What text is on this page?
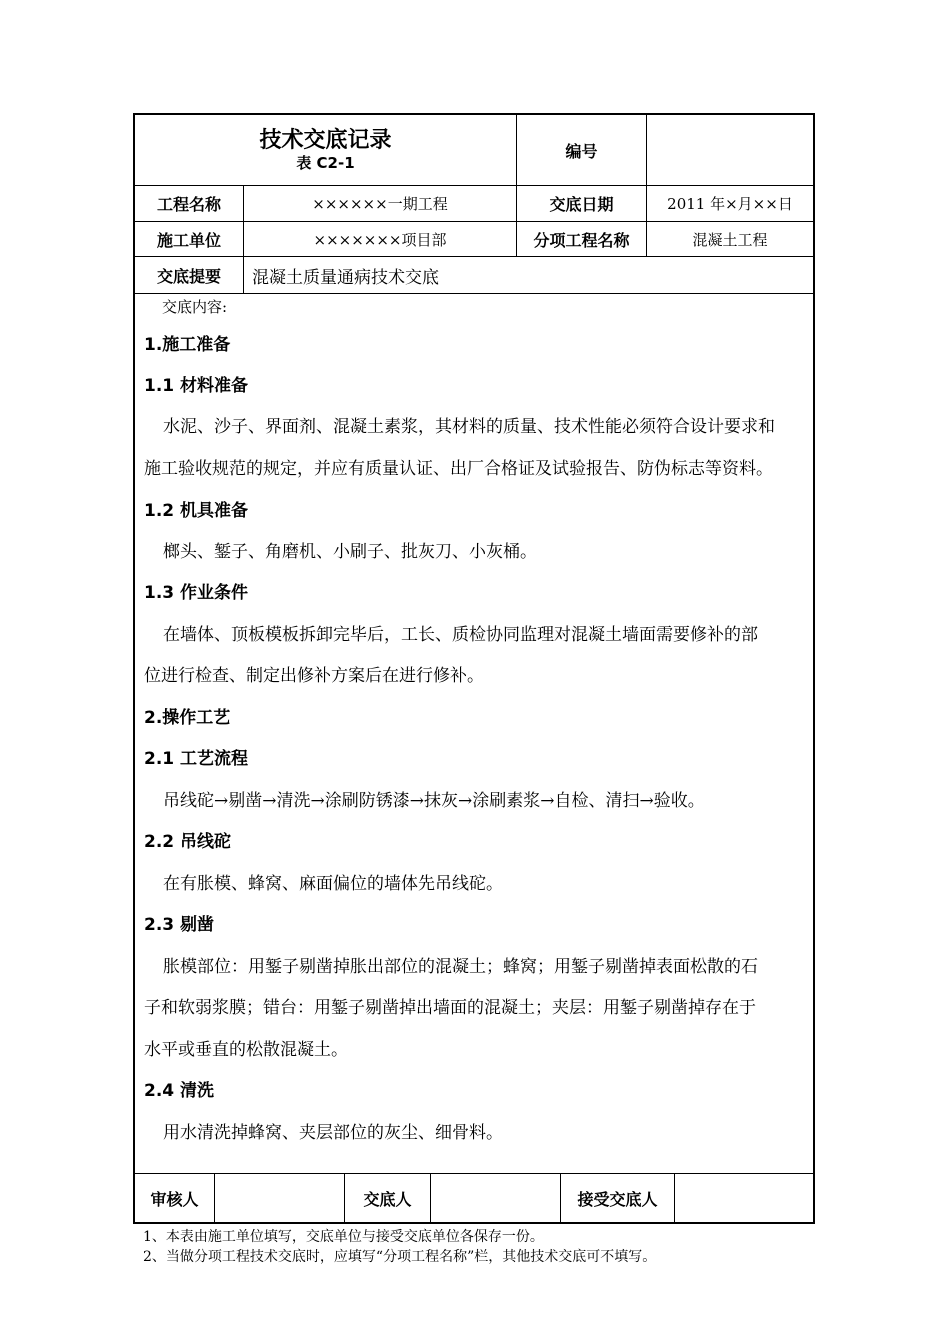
技术交底记录
表 C2-1
编号
工程名称	××××××一期工程	交底日期	2011 年×月××日
施工单位	×××××××项目部	分项工程名称	混凝土工程
交底提要	混凝土质量通病技术交底
交底内容:
1.施工准备
1.1 材料准备
水泥、沙子、界面剂、混凝土素浆，其材料的质量、技术性能必须符合设计要求和
施工验收规范的规定，并应有质量认证、出厂合格证及试验报告、防伪标志等资料。
1.2 机具准备
榔头、錾子、角磨机、小刷子、批灰刀、小灰桶。
1.3 作业条件
在墙体、顶板模板拆卸完毕后，工长、质检协同监理对混凝土墙面需要修补的部
位进行检查、制定出修补方案后在进行修补。
2.操作工艺
2.1 工艺流程
吊线砣→剔凿→清洗→涂刷防锈漆→抹灰→涂刷素浆→自检、清扫→验收。
2.2 吊线砣
在有胀模、蜂窝、麻面偏位的墙体先吊线砣。
2.3 剔凿
胀模部位：用錾子剔凿掉胀出部位的混凝土；蜂窝；用錾子剔凿掉表面松散的石
子和软弱浆膜；错台：用錾子剔凿掉出墙面的混凝土；夹层：用錾子剔凿掉存在于
水平或垂直的松散混凝土。
2.4 清洗
用水清洗掉蜂窝、夹层部位的灰尘、细骨料。
审核人	交底人	接受交底人
1、本表由施工单位填写，交底单位与接受交底单位各保存一份。
2、当做分项工程技术交底时，应填写“分项工程名称”栏，其他技术交底可不填写。
